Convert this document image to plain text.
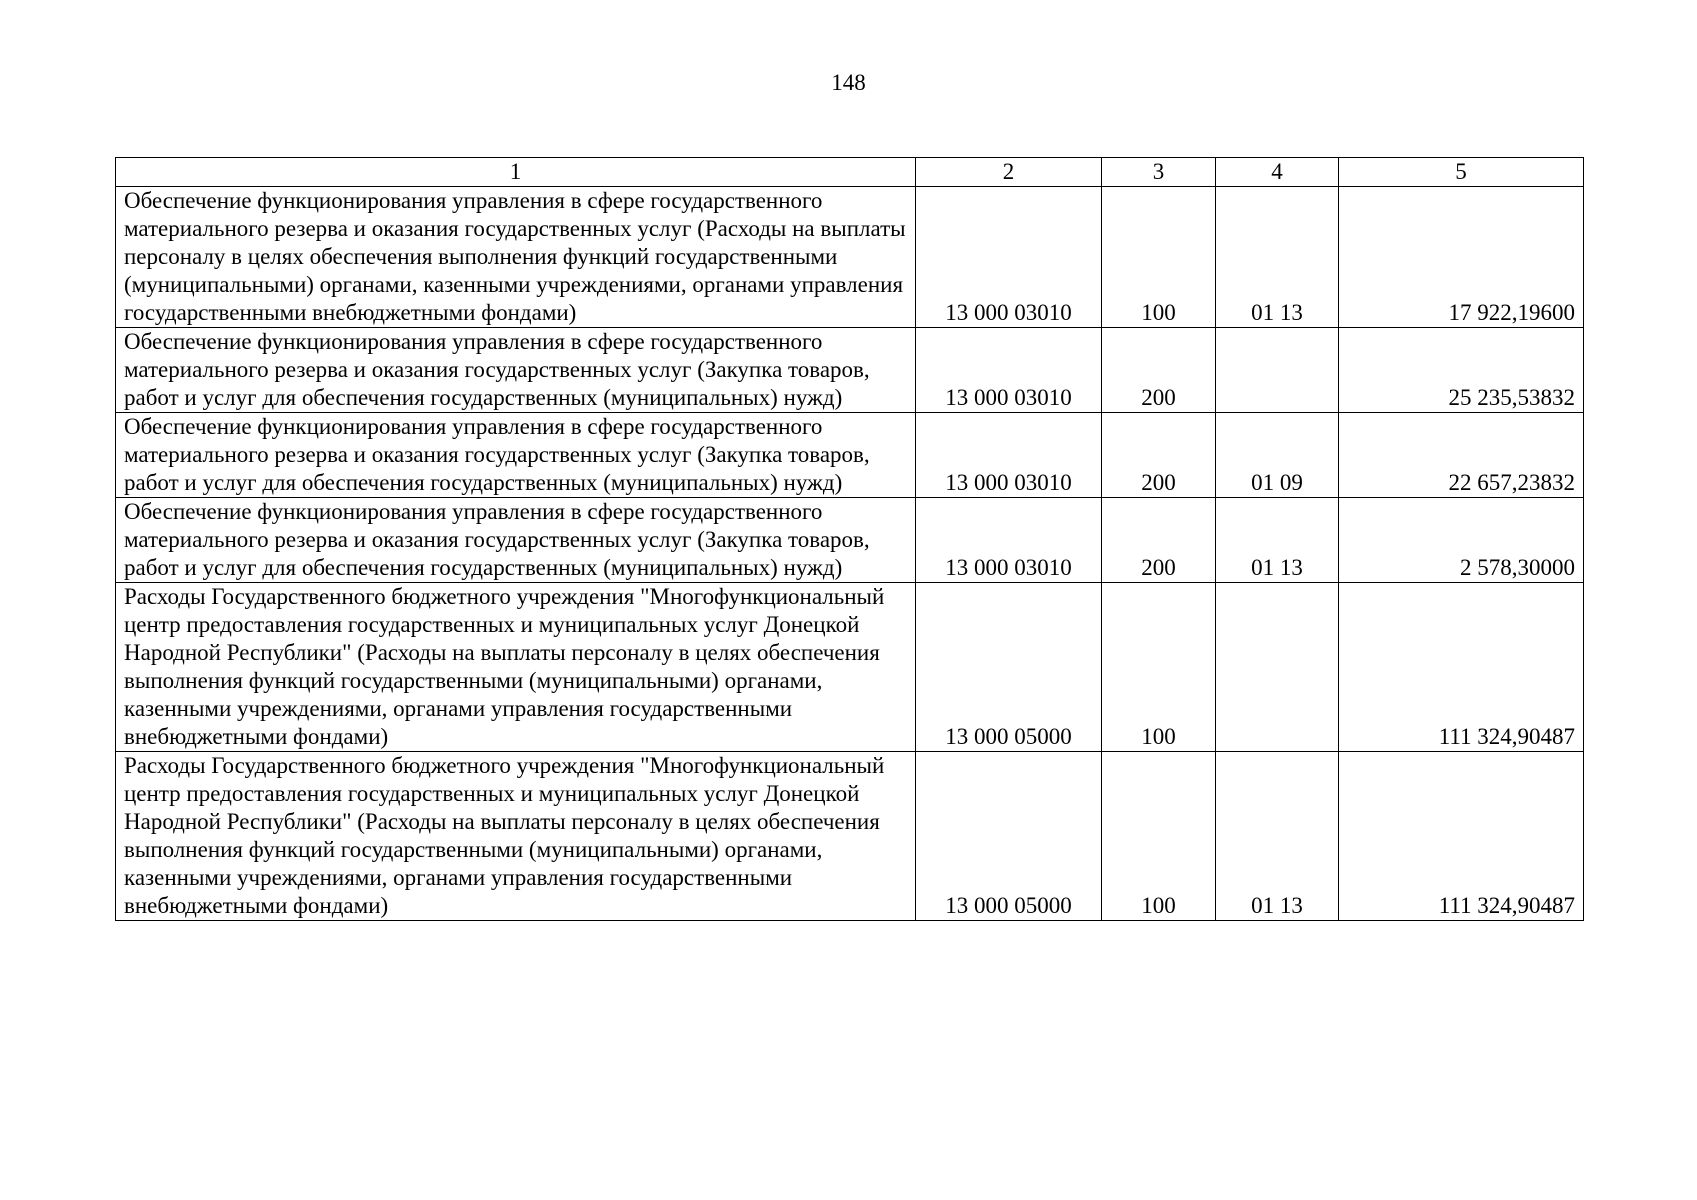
148
1	2	3	4	5
Обеспечение функционирования управления в сфере государственного материального резерва и оказания государственных услуг (Расходы на выплаты персоналу в целях обеспечения выполнения функций государственными (муниципальными) органами, казенными учреждениями, органами управления государственными внебюджетными фондами)	13 000 03010	100	01 13	17 922,19600
Обеспечение функционирования управления в сфере государственного материального резерва и оказания государственных услуг (Закупка товаров, работ и услуг для обеспечения государственных (муниципальных) нужд)	13 000 03010	200		25 235,53832
Обеспечение функционирования управления в сфере государственного материального резерва и оказания государственных услуг (Закупка товаров, работ и услуг для обеспечения государственных (муниципальных) нужд)	13 000 03010	200	01 09	22 657,23832
Обеспечение функционирования управления в сфере государственного материального резерва и оказания государственных услуг (Закупка товаров, работ и услуг для обеспечения государственных (муниципальных) нужд)	13 000 03010	200	01 13	2 578,30000
Расходы Государственного бюджетного учреждения "Многофункциональный центр предоставления государственных и муниципальных услуг Донецкой Народной Республики" (Расходы на выплаты персоналу в целях обеспечения выполнения функций государственными (муниципальными) органами, казенными учреждениями, органами управления государственными внебюджетными фондами)	13 000 05000	100		111 324,90487
Расходы Государственного бюджетного учреждения "Многофункциональный центр предоставления государственных и муниципальных услуг Донецкой Народной Республики" (Расходы на выплаты персоналу в целях обеспечения выполнения функций государственными (муниципальными) органами, казенными учреждениями, органами управления государственными внебюджетными фондами)	13 000 05000	100	01 13	111 324,90487
